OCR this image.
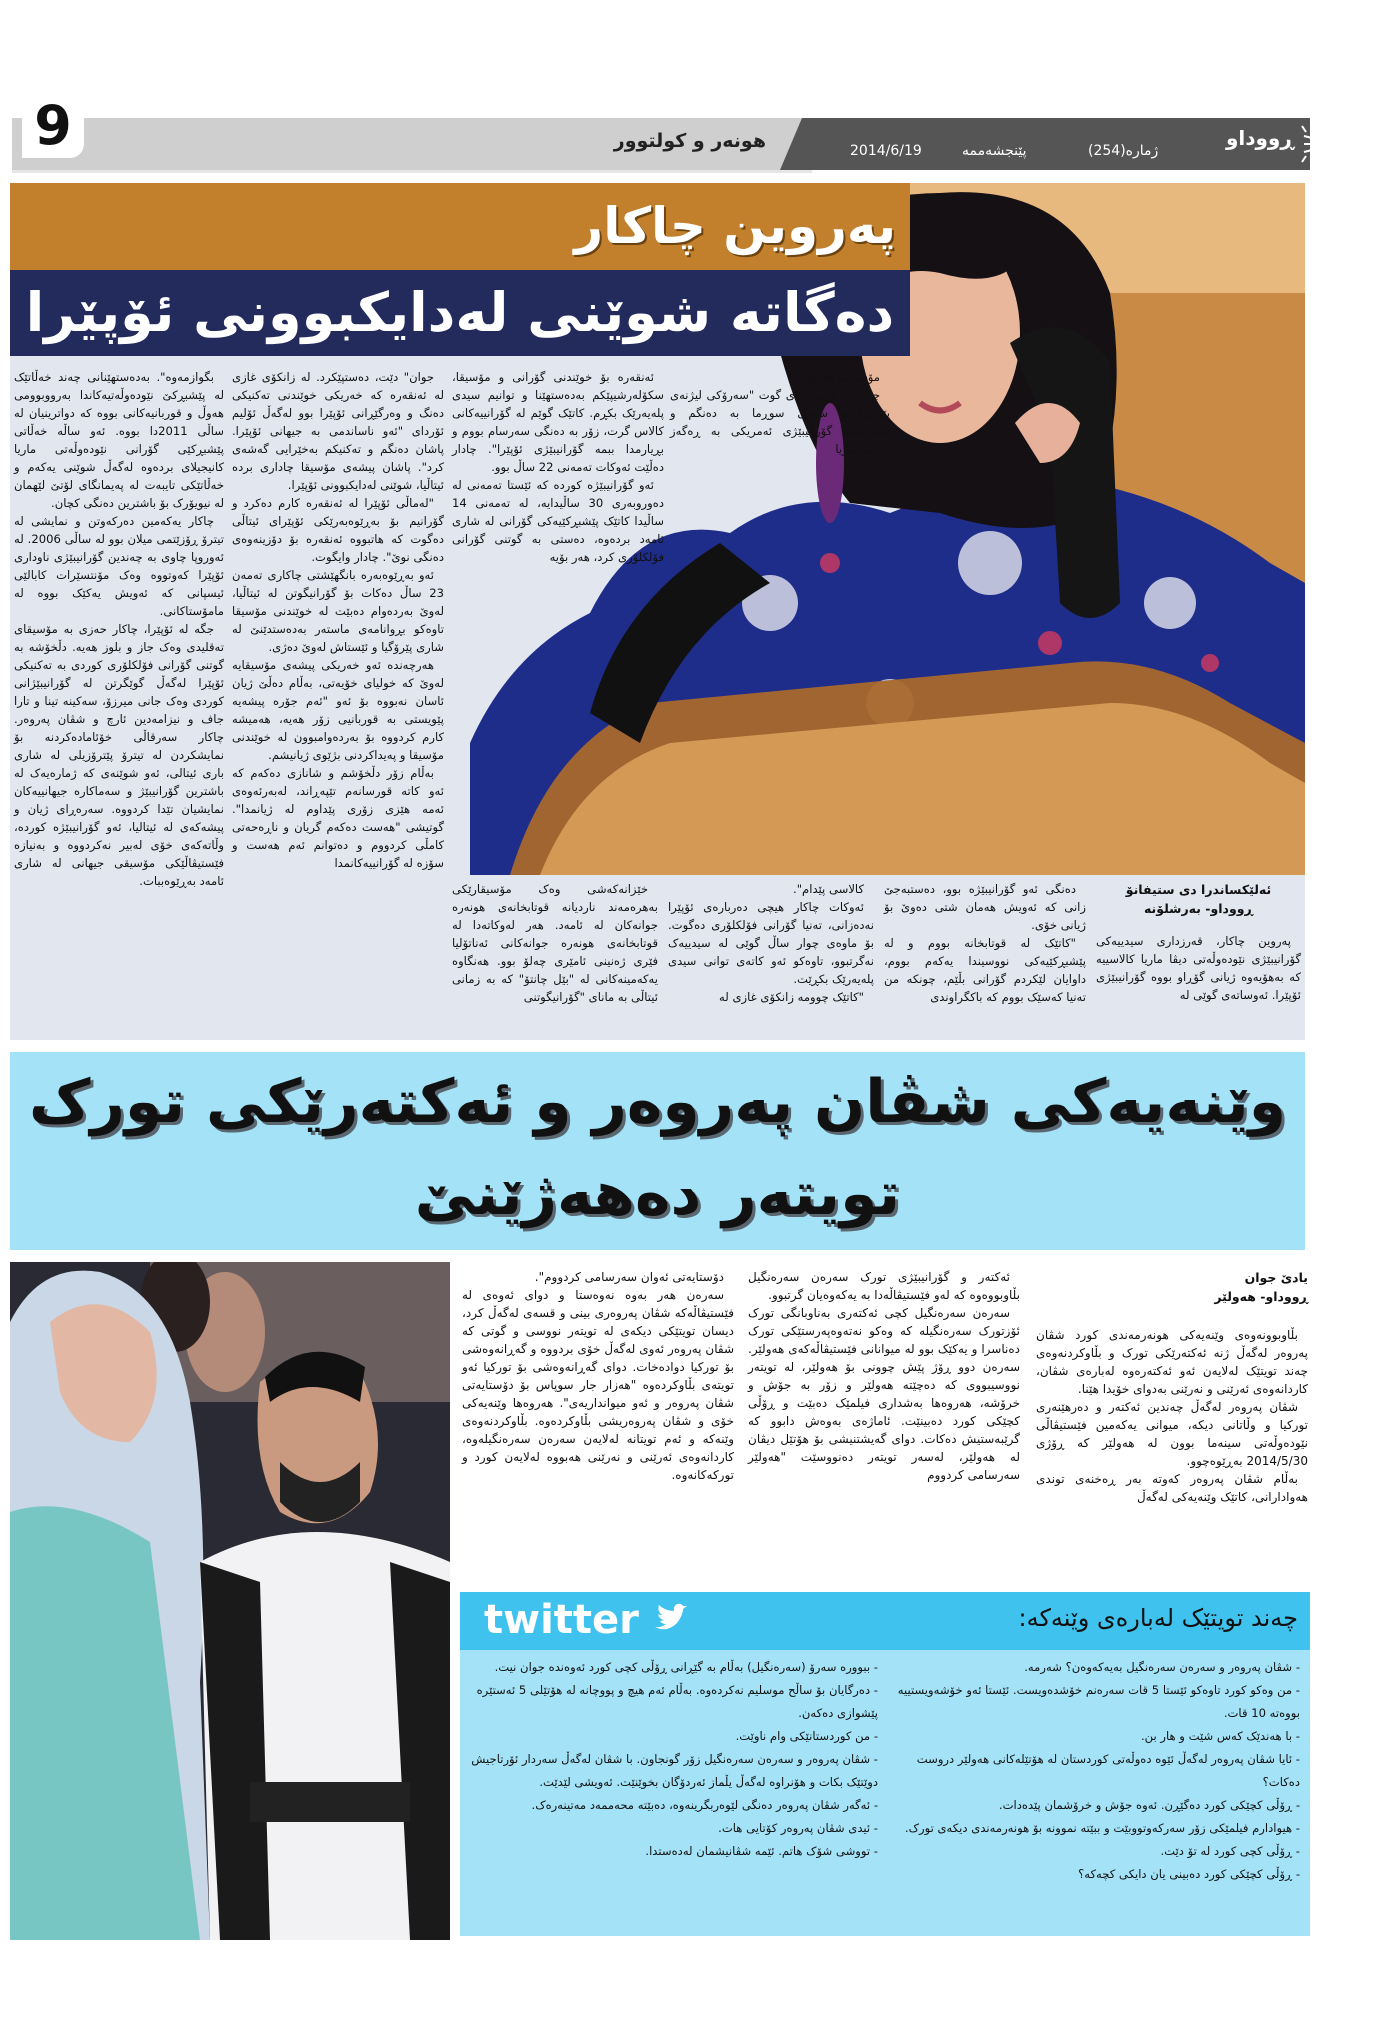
9	هونەر و کولتوور	2014/6/19	پێنجشەممە	ژمارە(254)
ڕووداو
پەروین چاکار
دەگاتە شوێنی لەدایکبوونی ئۆپێرا

مۆسیقیم هەبوو".

چاکار بە (ڕووداو)ی گوت "سەرۆکی لیژنەی پێشبڕکێکە سەری سوڕما بە دەنگم و سیدییەکی گۆرانیبێژی ئەمریکی بە ڕەگەز یۆنانی ماریا

ئەنقەرە بۆ خوێندنی گۆرانی و مۆسیقا، سکۆلەرشیپێکم بەدەستهێنا و توانیم سیدی پلەیەرێک بکڕم. کاتێک گوێم لە گۆرانییەکانی کالاس گرت، زۆر بە دەنگی سەرسام بووم و بڕیارمدا ببمە گۆرانیبێژی ئۆپێرا". چادار دەڵێت ئەوکات تەمەنی 22 ساڵ بوو.

ئەو گۆرانیبێژە کوردە کە ئێستا تەمەنی لە دەوروبەری 30 ساڵیدایە، لە تەمەنی 14 ساڵیدا کاتێک پێشبڕکێیەکی گۆرانی لە شاری ئامەد بردەوە، دەستی بە گوتنی گۆرانی فۆلکلۆری کرد، هەر بۆیە

جوان" دێت، دەستپێکرد. لە زانکۆی غازی لە ئەنقەرە کە خەریکی خوێندنی تەکنیکی دەنگ و وەرگێڕانی ئۆپێرا بوو لەگەڵ ئۆلیم ئۆردای "ئەو ناساندمی بە جیهانی ئۆپێرا. پاشان دەنگم و تەکنیکم بەخێرایی گەشەی کرد". پاشان پیشەی مۆسیقا چاداری بردە ئیتاڵیا، شوێنی لەدایکبوونی ئۆپێرا.

"لەماڵی ئۆپێرا لە ئەنقەرە کارم دەکرد و گۆرانیم بۆ بەڕێوەبەرێکی ئۆپێرای ئیتاڵی دەگوت کە هاتبووە ئەنقەرە بۆ دۆزینەوەی دەنگی نوێ". چادار وایگوت.

ئەو بەڕێوەبەرە بانگهێشتی چاکاری تەمەن 23 ساڵ دەکات بۆ گۆرانیگوتن لە ئیتاڵیا، لەوێ بەردەوام دەبێت لە خوێندنی مۆسیقا تاوەکو بڕوانامەی ماستەر بەدەستدێنێ لە شاری پێرۆگیا و ئێستاش لەوێ دەژی.

هەرچەندە ئەو خەریکی پیشەی مۆسیقایە لەوێ کە خولیای خۆیەتی، بەڵام دەڵێ ژیان ئاسان نەبووە بۆ ئەو "ئەم جۆرە پیشەیە پێویستی بە قوربانیی زۆر هەیە، هەمیشە کارم کردووە بۆ بەردەوامبوون لە خوێندنی مۆسیقا و پەیداکردنی بژێوی ژیانیشم.

بەڵام زۆر دڵخۆشم و شانازی دەکەم کە ئەو کاتە قورسانەم تێپەڕاند، لەبەرئەوەی ئەمە هێزی زۆری پێداوم لە ژیانمدا". گوتیشی "هەست دەکەم گریان و ناڕەحەتی کامڵی کردووم و دەتوانم ئەم هەست و سۆزە لە گۆرانییەکانمدا

بگوازمەوە". بەدەستهێنانی چەند خەڵاتێک لە پێشبڕکێ نێودەوڵەتیەکاندا بەرووبوومی هەوڵ و قوربانیەکانی بووە کە دواترینیان لە ساڵی 2011دا بووە. ئەو ساڵە خەڵاتی پێشبڕکێی گۆرانی نێودەوڵەتی ماریا کانیجیلای بردەوە لەگەڵ شوێنی یەکەم و خەڵاتێکی تایبەت لە پەیمانگای لۆتێ لێهمان لە نیویۆرک بۆ باشترین دەنگی کچان.

چاکار یەکەمین دەرکەوتن و نمایشی لە تیترۆ ڕۆزێتمی میلان بوو لە ساڵی 2006. لە ئەوروپا چاوی بە چەندین گۆرانیبێژی ناوداری ئۆپێرا کەوتووە وەک مۆنتسێرات کابالێی ئیسپانی کە ئەویش یەکێک بووە لە مامۆستاکانی.

جگە لە ئۆپێرا، چاکار حەزی بە مۆسیقای تەقلیدی وەک جاز و بلوز هەیە. دڵخۆشە بە گوتنی گۆرانی فۆلکلۆری کوردی بە تەکنیکی ئۆپێرا لەگەڵ گوێگرتن لە گۆرانیبێژانی کوردی وەک جانی میرزۆ، سەکینە تینا و تارا جاف و نیزامەدین ئارچ و شڤان پەروەر. چاکار سەرقاڵی خۆئامادەکردنە بۆ نمایشکردن لە تیترۆ پێترۆزیلی لە شاری باری ئیتالی، ئەو شوێنەی کە ژمارەیەک لە باشترین گۆرانیبێژ و سەماکارە جیهانییەکان نمایشیان تێدا کردووە. سەرەڕای ژیان و پیشەکەی لە ئیتالیا، ئەو گۆرانیبێژە کوردە، وڵاتەکەی خۆی لەبیر نەکردووە و بەنیازە فێستیڤاڵێکی مۆسیقی جیهانی لە شاری ئامەد بەڕێوەببات.

ئەلێکساندرا دی ستیفانۆ
ڕووداو- بەرشلۆنە

پەروین چاکار، قەرزداری سیدییەکی گۆرانیبێژی نێودەوڵەتی دیڤا ماریا کالاسییە کە بەهۆیەوە ژیانی گۆڕاو بووە گۆرانیبێژی ئۆپێرا. ئەوساتەی گوێی لە

دەنگی ئەو گۆرانیبێژە بوو، دەستبەجێ زانی کە ئەویش هەمان شتی دەوێ بۆ ژیانی خۆی.

"کاتێک لە قوتابخانە بووم و لە پێشبڕکێیەکی نووسیندا یەکەم بووم، داوایان لێکردم گۆرانی بڵێم، چونکە من تەنیا کەسێک بووم کە باکگراوندی

کالاسی پێدام".

ئەوکات چاکار هیچی دەربارەی ئۆپێرا نەدەزانی، تەنیا گۆرانی فۆلکلۆری دەگوت. بۆ ماوەی چوار ساڵ گوێی لە سیدییەک نەگرتبوو، تاوەکو ئەو کاتەی توانی سیدی پلەیەرێک بکڕێت.

"کاتێک چوومە زانکۆی غازی لە

خێزانەکەشی وەک مۆسیقارێکی بەهرەمەند ناردیانە قوتابخانەی هونەرە جوانەکان لە ئامەد. هەر لەوکاتەدا لە قوتابخانەی هونەرە جوانەکانی ئەناتۆلیا فێری ژەنینی ئامێری چەلۆ بوو. هەنگاوە یەکەمینەکانی لە "بێل چانتۆ" کە بە زمانی ئیتاڵی بە مانای "گۆرانیگوتنی

وێنەیەکی شڤان پەروەر و ئەکتەرێکی تورک
تویتەر دەهەژێنێ
یادێ جوان
ڕووداو- هەولێر

بڵاوبوونەوەی وێنەیەکی هونەرمەندی کورد شڤان پەروەر لەگەڵ ژنە ئەکتەرێکی تورک و بڵاوکردنەوەی چەند تویتێک لەلایەن ئەو ئەکتەرەوە لەبارەی شڤان، کاردانەوەی ئەرێنی و نەرێنی بەدوای خۆیدا هێنا.

شڤان پەروەر لەگەڵ چەندین ئەکتەر و دەرهێنەری تورکیا و وڵاتانی دیکە، میوانی یەکەمین فێستیڤاڵی نێودەوڵەتی سینەما بوون لە هەولێر کە ڕۆژی 2014/5/30 بەڕێوەچوو.

بەڵام شڤان پەروەر کەوتە بەر ڕەخنەی توندی هەوادارانی، کاتێک وێنەیەکی لەگەڵ

ئەکتەر و گۆرانیبێژی تورک سەرەن سەرەنگیل بڵاوبووەوە کە لەو فێستیڤاڵەدا بە یەکەوەیان گرتبوو.

سەرەن سەرەنگیل کچی ئەکتەری بەناوبانگی تورک ئۆزتورک سەرەنگیلە کە وەکو نەتەوەپەرستێکی تورک دەناسرا و یەکێک بوو لە میوانانی فێستیڤاڵەکەی هەولێر. سەرەن دوو ڕۆژ پێش چوونی بۆ هەولێر، لە تویتەر نووسیبووی کە دەچێتە هەولێر و زۆر بە جۆش و خرۆشە، هەروەها بەشداری فیلمێک دەبێت و ڕۆڵی کچێکی کورد دەبینێت. ئاماژەی بەوەش دابوو کە گرێبەستیش دەکات. دوای گەیشتنیشی بۆ هۆتێل دیڤان لە هەولێر، لەسەر تویتەر دەنووسێت "هەولێر سەرسامی کردووم

دۆستایەتی ئەوان سەرسامی کردووم".

سەرەن هەر بەوە نەوەستا و دوای ئەوەی لە فێستیڤاڵەکە شڤان پەروەری بینی و قسەی لەگەڵ کرد، دیسان تویتێکی دیکەی لە تویتەر نووسی و گوتی کە شڤان پەروەر ئەوی لەگەڵ خۆی بردووە و گەڕانەوەشی بۆ تورکیا دوادەخات. دوای گەڕانەوەشی بۆ تورکیا ئەو تویتەی بڵاوکردەوە "هەزار جار سوپاس بۆ دۆستایەتی شڤان پەروەر و ئەو میوانداریەی". هەروەها وێنەیەکی خۆی و شڤان پەروەریشی بڵاوکردەوە. بڵاوکردنەوەی وێنەکە و ئەم تویتانە لەلایەن سەرەن سەرەنگیلەوە، کاردانەوەی ئەرێنی و نەرێنی هەبووە لەلایەن کورد و تورکەکانەوە.

twitter	چەند تویتێک لەبارەی وێنەکە:
- شڤان پەروەر و سەرەن سەرەنگیل بەیەکەوەن؟ شەرمە.
- من وەکو کورد تاوەکو ئێستا 5 قات سەرەنم خۆشدەویست. ئێستا ئەو خۆشەویستییە بووەتە 10 قات.
- با هەندێک کەس شێت و هار بن.
- ئایا شڤان پەروەر لەگەڵ ئێوە دەوڵەتی کوردستان لە هۆتێلەکانی هەولێر دروست دەکات؟
- ڕۆڵی کچێکی کورد دەگێڕن. ئەوە جۆش و خرۆشمان پێدەدات.
- هیوادارم فیلمێکی زۆر سەرکەوتووبێت و ببێتە نموونە بۆ هونەرمەندی دیکەی تورک.
- ڕۆڵی کچی کورد لە تۆ دێت.
- ڕۆڵی کچێکی کورد دەبینی یان دایکی کچەکە؟
- ببوورە سەرۆ (سەرەنگیل) بەڵام بە گێڕانی ڕۆڵی کچی کورد ئەوەندە جوان نیت.
- دەرگایان بۆ ساڵح موسلیم نەکردەوە. بەڵام ئەم هیچ و پووچانە لە هۆتێلی 5 ئەستێرە پێشوازی دەکەن.
- من کوردستانێکی وام ناوێت.
- شڤان پەروەر و سەرەن سەرەنگیل زۆر گونجاون. با شڤان لەگەڵ سەردار ئۆرتاجیش دوێتێک بکات و هۆنراوە لەگەڵ یڵماز ئەردۆگان بخوێنێت. ئەویشی لێدێت.
- ئەگەر شڤان پەروەر دەنگی لێوەربگرینەوە، دەبێتە محەممەد مەتینەرەک.
- ئیدی شڤان پەروەر کۆتایی هات.
- تووشی شۆک هاتم. ئێمە شڤانیشمان لەدەستدا.
